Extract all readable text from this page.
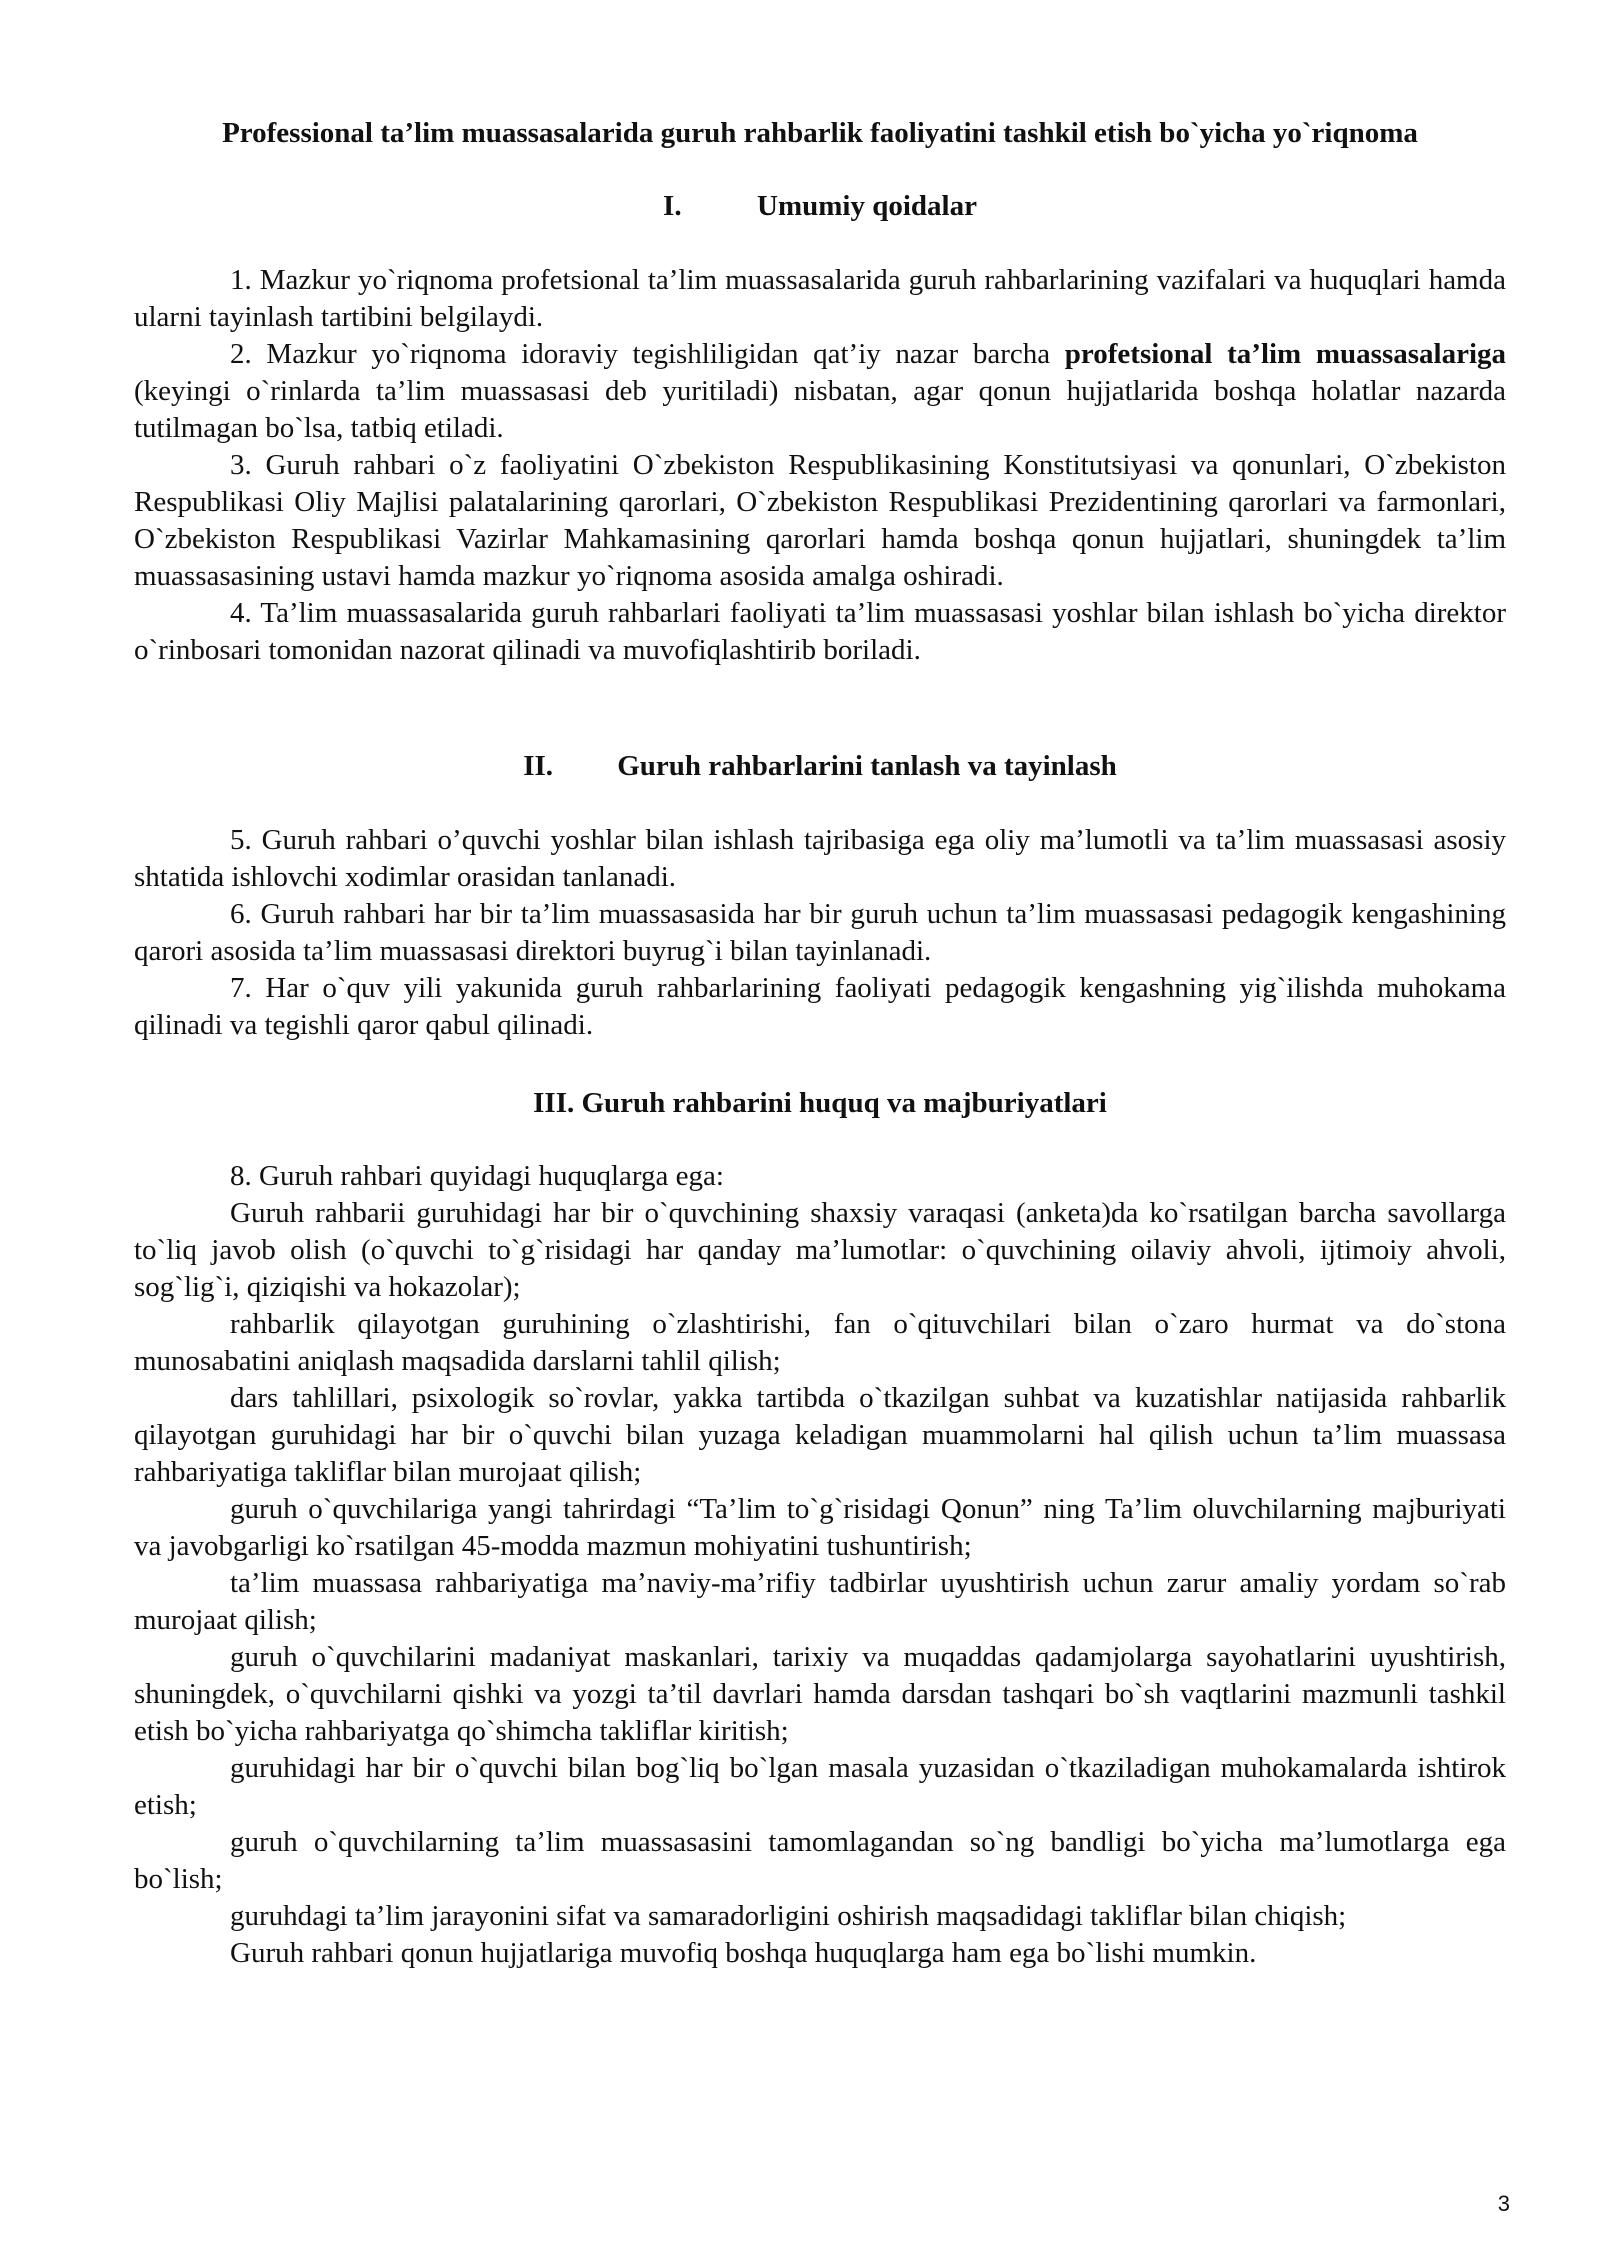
Professional ta’lim muassasalarida guruh rahbarlik faoliyatini tashkil etish bo`yicha yo`riqnoma
I.	Umumiy qoidalar

1. Mazkur yo`riqnoma profetsional ta’lim muassasalarida guruh rahbarlarining vazifalari va huquqlari hamda ularni tayinlash tartibini belgilaydi.

2. Mazkur yo`riqnoma idoraviy tegishliligidan qat’iy nazar barcha profetsional ta’lim muassasalariga (keyingi o`rinlarda ta’lim muassasasi deb yuritiladi) nisbatan, agar qonun hujjatlarida boshqa holatlar nazarda tutilmagan bo`lsa, tatbiq etiladi.

3. Guruh rahbari o`z faoliyatini O`zbekiston Respublikasining Konstitutsiyasi va qonunlari, O`zbekiston Respublikasi Oliy Majlisi palatalarining qarorlari, O`zbekiston Respublikasi Prezidentining qarorlari va farmonlari, O`zbekiston Respublikasi Vazirlar Mahkamasining qarorlari hamda boshqa qonun hujjatlari, shuningdek ta’lim muassasasining ustavi hamda mazkur yo`riqnoma asosida amalga oshiradi.

4. Ta’lim muassasalarida guruh rahbarlari faoliyati ta’lim muassasasi yoshlar bilan ishlash bo`yicha direktor o`rinbosari tomonidan nazorat qilinadi va muvofiqlashtirib boriladi.

II. Guruh rahbarlarini tanlash va tayinlash

5. Guruh rahbari o’quvchi yoshlar bilan ishlash tajribasiga ega oliy ma’lumotli va ta’lim muassasasi asosiy shtatida ishlovchi xodimlar orasidan tanlanadi.

6. Guruh rahbari har bir ta’lim muassasasida har bir guruh uchun ta’lim muassasasi pedagogik kengashining qarori asosida ta’lim muassasasi direktori buyrug`i bilan tayinlanadi.

7. Har o`quv yili yakunida guruh rahbarlarining faoliyati pedagogik kengashning yig`ilishda muhokama qilinadi va tegishli qaror qabul qilinadi.

III. Guruh rahbarini huquq va majburiyatlari

8. Guruh rahbari quyidagi huquqlarga ega:

Guruh rahbarii guruhidagi har bir o`quvchining shaxsiy varaqasi (anketa)da ko`rsatilgan barcha savollarga to`liq javob olish (o`quvchi to`g`risidagi har qanday ma’lumotlar: o`quvchining oilaviy ahvoli, ijtimoiy ahvoli, sog`lig`i, qiziqishi va hokazolar);

rahbarlik qilayotgan guruhining o`zlashtirishi, fan o`qituvchilari bilan o`zaro hurmat va do`stona munosabatini aniqlash maqsadida darslarni tahlil qilish;

dars tahlillari, psixologik so`rovlar, yakka tartibda o`tkazilgan suhbat va kuzatishlar natijasida rahbarlik qilayotgan guruhidagi har bir o`quvchi bilan yuzaga keladigan muammolarni hal qilish uchun ta’lim muassasa rahbariyatiga takliflar bilan murojaat qilish;

guruh o`quvchilariga yangi tahrirdagi “Ta’lim to`g`risidagi Qonun” ning Ta’lim oluvchilarning majburiyati va javobgarligi ko`rsatilgan 45-modda mazmun mohiyatini tushuntirish;

ta’lim muassasa rahbariyatiga ma’naviy-ma’rifiy tadbirlar uyushtirish uchun zarur amaliy yordam so`rab murojaat qilish;

guruh o`quvchilarini madaniyat maskanlari, tarixiy va muqaddas qadamjolarga sayohatlarini uyushtirish, shuningdek, o`quvchilarni qishki va yozgi ta’til davrlari hamda darsdan tashqari bo`sh vaqtlarini mazmunli tashkil etish bo`yicha rahbariyatga qo`shimcha takliflar kiritish;

guruhidagi har bir o`quvchi bilan bog`liq bo`lgan masala yuzasidan o`tkaziladigan muhokamalarda ishtirok etish;

guruh o`quvchilarning ta’lim muassasasini tamomlagandan so`ng bandligi bo`yicha ma’lumotlarga ega bo`lish;

guruhdagi ta’lim jarayonini sifat va samaradorligini oshirish maqsadidagi takliflar bilan chiqish;

Guruh rahbari qonun hujjatlariga muvofiq boshqa huquqlarga ham ega bo`lishi mumkin.

3
